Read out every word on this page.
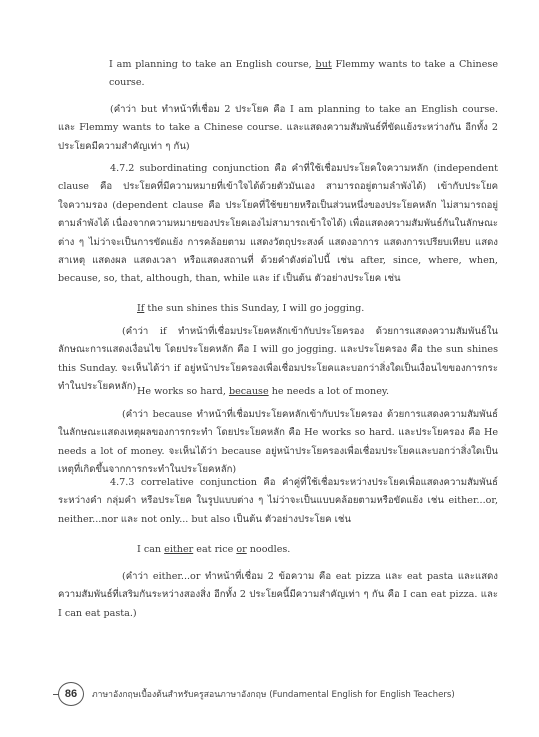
I am planning to take an English course, but Flemmy wants to take a Chinese course.

(คำว่า but ทำหน้าที่เชื่อม 2 ประโยค คือ I am planning to take an English course. และ Flemmy wants to take a Chinese course. และแสดงความสัมพันธ์ที่ขัดแย้งระหว่างกัน อีกทั้ง 2 ประโยคมีความสำคัญเท่า ๆ กัน)

4.7.2 subordinating conjunction คือ คำที่ใช้เชื่อมประโยคใจความหลัก (independent clause คือ ประโยคที่มีความหมายที่เข้าใจได้ด้วยตัวมันเอง สามารถอยู่ตามลำพังได้) เข้ากับประโยคใจความรอง (dependent clause คือ ประโยคที่ใช้ขยายหรือเป็นส่วนหนึ่งของประโยคหลัก ไม่สามารถอยู่ตามลำพังได้ เนื่องจากความหมายของประโยคเองไม่สามารถเข้าใจได้) เพื่อแสดงความสัมพันธ์กันในลักษณะต่าง ๆ ไม่ว่าจะเป็นการขัดแย้ง การคล้อยตาม แสดงวัตถุประสงค์ แสดงอาการ แสดงการเปรียบเทียบ แสดงสาเหตุ แสดงผล แสดงเวลา หรือแสดงสถานที่ ด้วยคำดังต่อไปนี้ เช่น after, since, where, when, because, so, that, although, than, while และ if เป็นต้น ตัวอย่างประโยค เช่น

If the sun shines this Sunday, I will go jogging.

(คำว่า if ทำหน้าที่เชื่อมประโยคหลักเข้ากับประโยครอง ด้วยการแสดงความสัมพันธ์ในลักษณะการแสดงเงื่อนไข โดยประโยคหลัก คือ I will go jogging. และประโยครอง คือ the sun shines this Sunday. จะเห็นได้ว่า if อยู่หน้าประโยครองเพื่อเชื่อมประโยคและบอกว่าสิ่งใดเป็นเงื่อนไขของการกระทำในประโยคหลัก) He works so hard, because he needs a lot of money.

(คำว่า because ทำหน้าที่เชื่อมประโยคหลักเข้ากับประโยครอง ด้วยการแสดงความสัมพันธ์ในลักษณะแสดงเหตุผลของการกระทำ โดยประโยคหลัก คือ He works so hard. และประโยครอง คือ He needs a lot of money. จะเห็นได้ว่า because อยู่หน้าประโยครองเพื่อเชื่อมประโยคและบอกว่าสิ่งใดเป็นเหตุที่เกิดขึ้นจากการกระทำในประโยคหลัก)

4.7.3 correlative conjunction คือ คำคู่ที่ใช้เชื่อมระหว่างประโยคเพื่อแสดงความสัมพันธ์ระหว่างคำ กลุ่มคำ หรือประโยค ในรูปแบบต่าง ๆ ไม่ว่าจะเป็นแบบคล้อยตามหรือขัดแย้ง เช่น either...or, neither...nor และ not only... but also เป็นต้น ตัวอย่างประโยค เช่น

I can either eat rice or noodles.

(คำว่า either...or ทำหน้าที่เชื่อม 2 ข้อความ คือ eat pizza และ eat pasta และแสดงความสัมพันธ์ที่เสริมกันระหว่างสองสิ่ง อีกทั้ง 2 ประโยคนี้มีความสำคัญเท่า ๆ กัน คือ I can eat pizza. และ I can eat pasta.)

86	ภาษาอังกฤษเบื้องต้นสำหรับครูสอนภาษาอังกฤษ (Fundamental English for English Teachers)
